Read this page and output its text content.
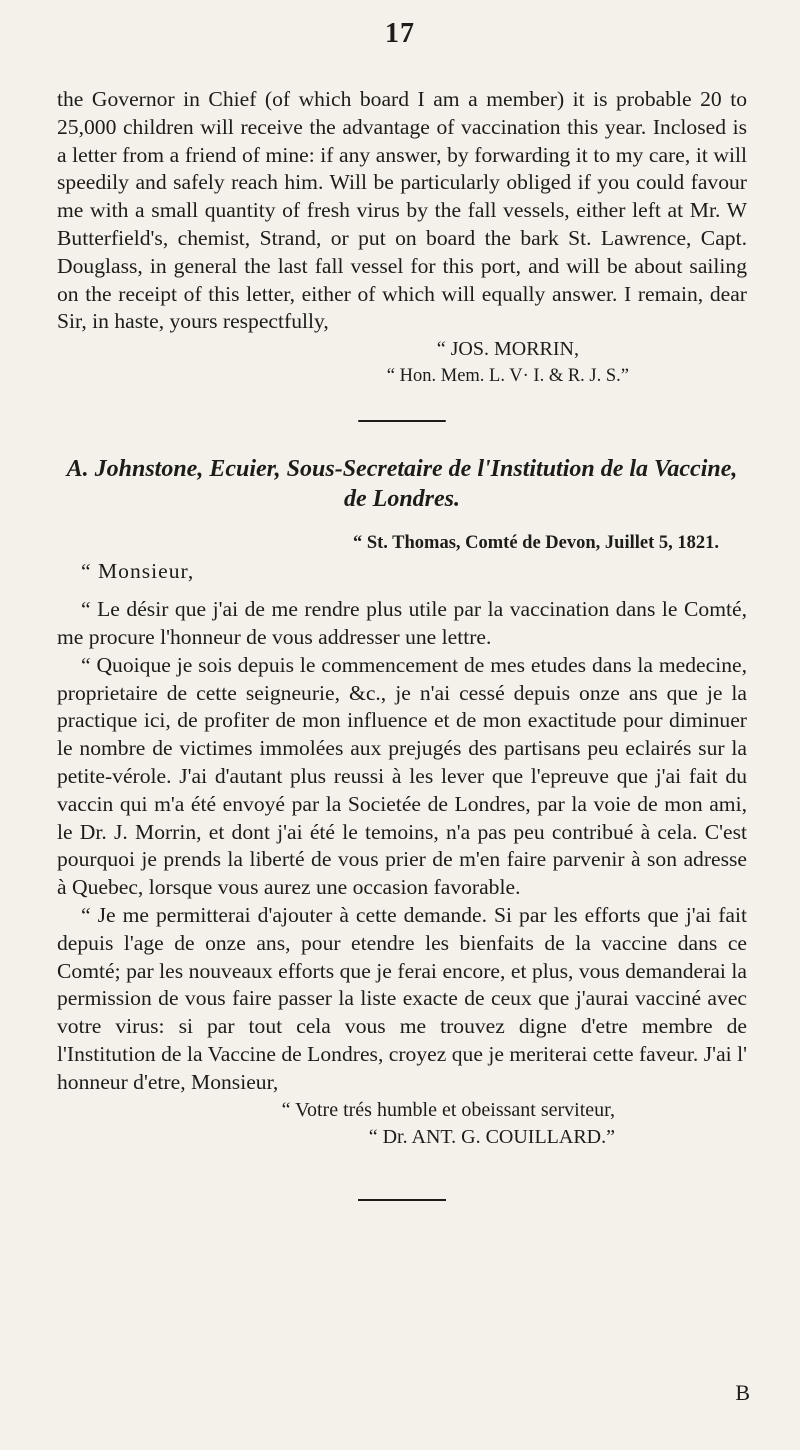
17

the Governor in Chief (of which board I am a member) it is probable 20 to 25,000 children will receive the advantage of vaccination this year. Inclosed is a letter from a friend of mine: if any answer, by forwarding it to my care, it will speedily and safely reach him. Will be particularly obliged if you could favour me with a small quantity of fresh virus by the fall vessels, either left at Mr. W Butterfield's, chemist, Strand, or put on board the bark St. Lawrence, Capt. Douglass, in general the last fall vessel for this port, and will be about sailing on the receipt of this letter, either of which will equally answer. I remain, dear Sir, in haste, yours respectfully,

“ JOS. MORRIN,

“ Hon. Mem. L. V· I. & R. J. S.”

A. Johnstone, Ecuier, Sous-Secretaire de l'Institution de la Vaccine, de Londres.

“ St. Thomas, Comté de Devon, Juillet 5, 1821.

“ Monsieur,

“ Le désir que j'ai de me rendre plus utile par la vaccination dans le Comté, me procure l'honneur de vous addresser une lettre.

“ Quoique je sois depuis le commencement de mes etudes dans la medecine, proprietaire de cette seigneurie, &c., je n'ai cessé depuis onze ans que je la practique ici, de profiter de mon influence et de mon exactitude pour diminuer le nombre de victimes immolées aux prejugés des partisans peu eclairés sur la petite-vérole. J'ai d'autant plus reussi à les lever que l'epreuve que j'ai fait du vaccin qui m'a été envoyé par la Societée de Londres, par la voie de mon ami, le Dr. J. Morrin, et dont j'ai été le temoins, n'a pas peu contribué à cela. C'est pourquoi je prends la liberté de vous prier de m'en faire parvenir à son adresse à Quebec, lorsque vous aurez une occasion favorable.

“ Je me permitterai d'ajouter à cette demande. Si par les efforts que j'ai fait depuis l'age de onze ans, pour etendre les bienfaits de la vaccine dans ce Comté; par les nouveaux efforts que je ferai encore, et plus, vous demanderai la permission de vous faire passer la liste exacte de ceux que j'aurai vacciné avec votre virus: si par tout cela vous me trouvez digne d'etre membre de l'Institution de la Vaccine de Londres, croyez que je meriterai cette faveur. J'ai l' honneur d'etre, Monsieur,

“ Votre trés humble et obeissant serviteur,

“ Dr. ANT. G. COUILLARD.”

B
